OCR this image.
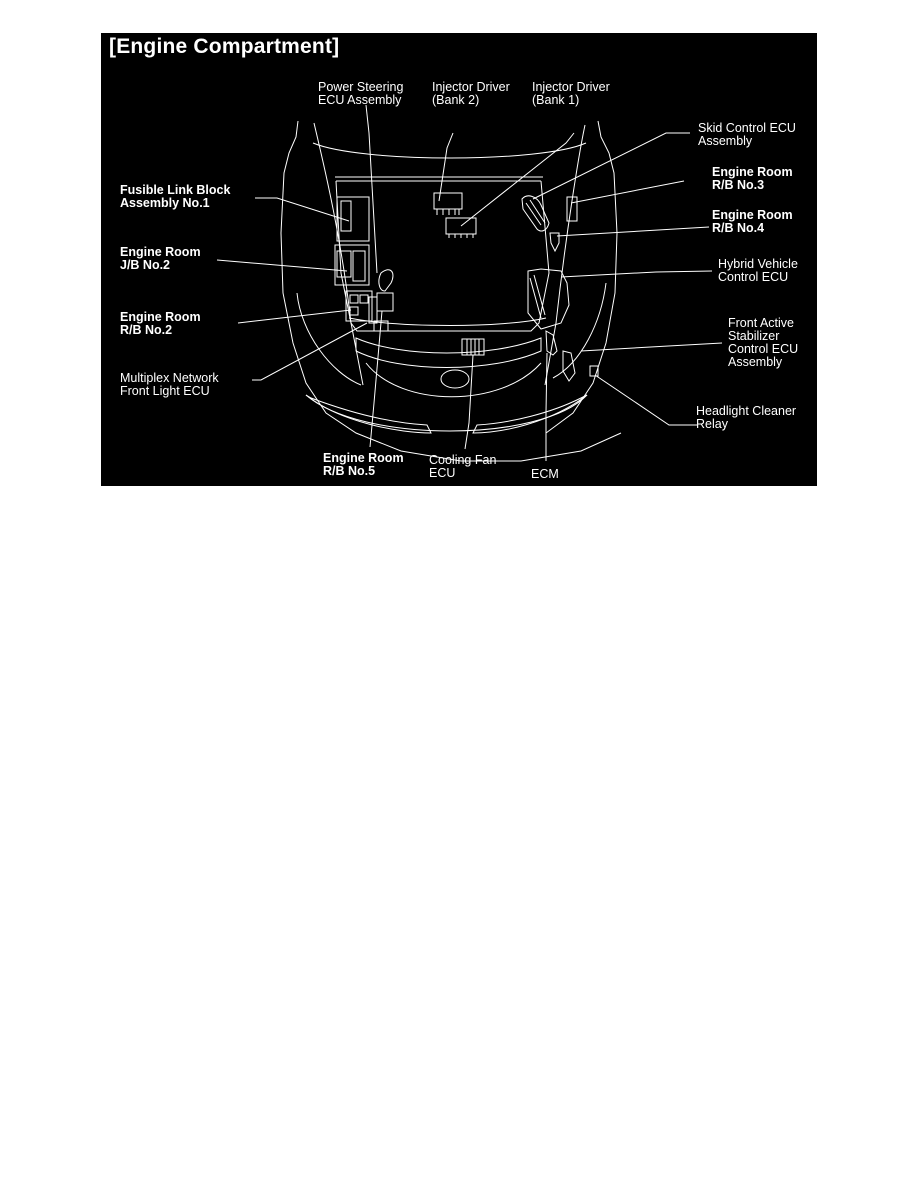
[Engine Compartment]
Power Steering
ECU Assembly
Injector Driver
(Bank 2)
Injector Driver
(Bank 1)
Skid Control ECU
Assembly
Engine Room
R/B No.3
Engine Room
R/B No.4
Hybrid Vehicle
Control ECU
Front Active
Stabilizer
Control ECU
Assembly
Headlight Cleaner
Relay
Fusible Link Block
Assembly No.1
Engine Room
J/B No.2
Engine Room
R/B No.2
Multiplex Network
Front Light ECU
Engine Room
R/B No.5
Cooling Fan
ECU	ECM
